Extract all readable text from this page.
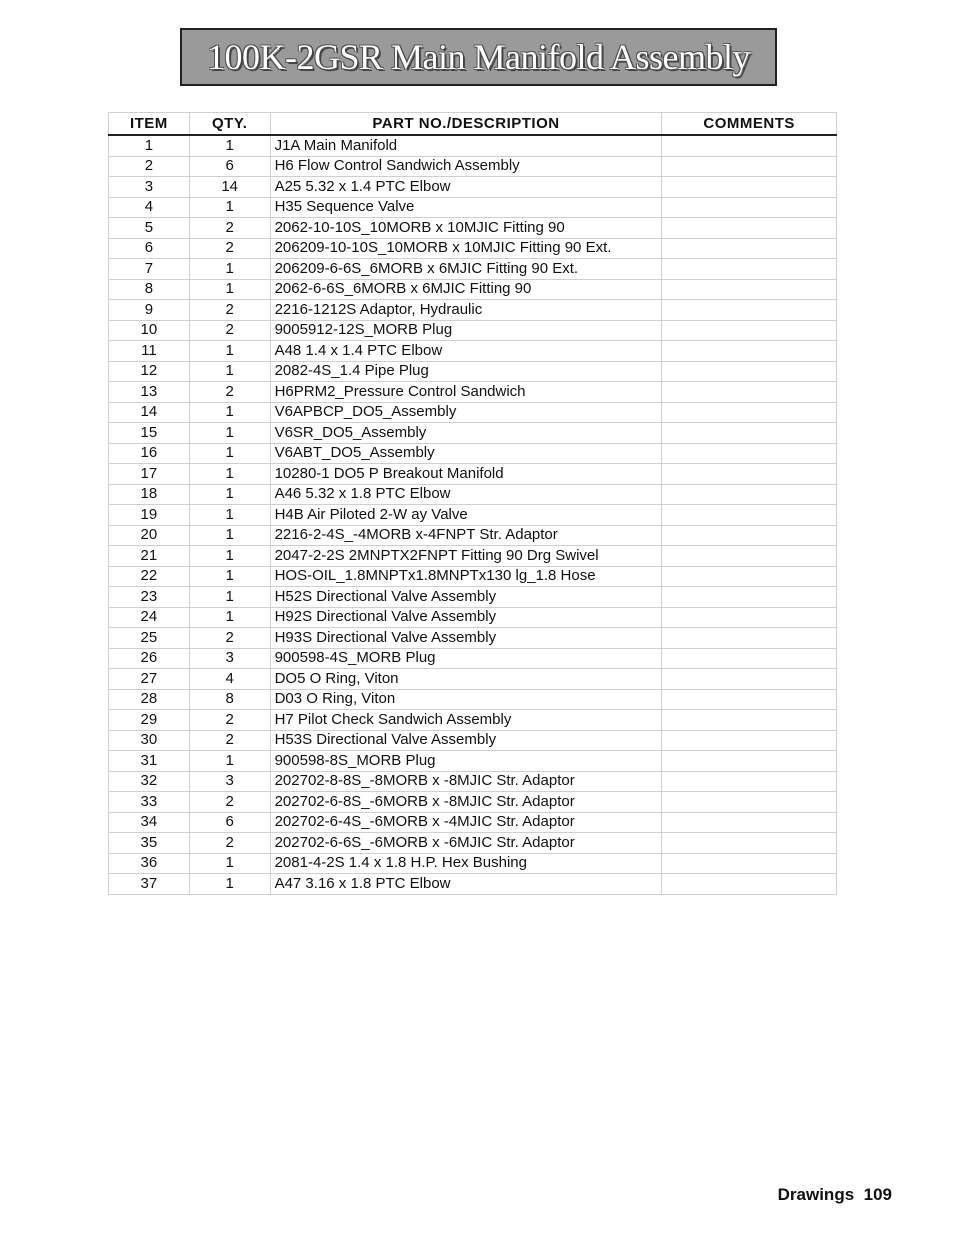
100K-2GSR Main Manifold Assembly
ITEM	QTY.	PART NO./DESCRIPTION	COMMENTS
1	1	J1A Main Manifold	
2	6	H6 Flow Control Sandwich Assembly	
3	14	A25 5.32 x 1.4 PTC Elbow	
4	1	H35 Sequence Valve	
5	2	2062-10-10S_10MORB x 10MJIC Fitting 90	
6	2	206209-10-10S_10MORB x 10MJIC Fitting 90 Ext.	
7	1	206209-6-6S_6MORB x 6MJIC Fitting 90 Ext.	
8	1	2062-6-6S_6MORB x 6MJIC Fitting 90	
9	2	2216-1212S Adaptor, Hydraulic	
10	2	9005912-12S_MORB Plug	
11	1	A48 1.4 x 1.4 PTC Elbow	
12	1	2082-4S_1.4 Pipe Plug	
13	2	H6PRM2_Pressure Control Sandwich	
14	1	V6APBCP_DO5_Assembly	
15	1	V6SR_DO5_Assembly	
16	1	V6ABT_DO5_Assembly	
17	1	10280-1 DO5 P Breakout Manifold	
18	1	A46 5.32 x 1.8 PTC Elbow	
19	1	H4B Air Piloted 2-W ay Valve	
20	1	2216-2-4S_-4MORB x-4FNPT Str. Adaptor	
21	1	2047-2-2S 2MNPTX2FNPT Fitting 90 Drg Swivel	
22	1	HOS-OIL_1.8MNPTx1.8MNPTx130 lg_1.8 Hose	
23	1	H52S Directional Valve Assembly	
24	1	H92S Directional Valve Assembly	
25	2	H93S Directional Valve Assembly	
26	3	900598-4S_MORB Plug	
27	4	DO5 O Ring, Viton	
28	8	D03 O Ring, Viton	
29	2	H7 Pilot Check Sandwich Assembly	
30	2	H53S Directional Valve Assembly	
31	1	900598-8S_MORB Plug	
32	3	202702-8-8S_-8MORB x -8MJIC Str. Adaptor	
33	2	202702-6-8S_-6MORB x -8MJIC Str. Adaptor	
34	6	202702-6-4S_-6MORB x -4MJIC Str. Adaptor	
35	2	202702-6-6S_-6MORB x -6MJIC Str. Adaptor	
36	1	2081-4-2S 1.4 x 1.8 H.P. Hex Bushing	
37	1	A47 3.16 x 1.8 PTC Elbow	
Drawings 109
